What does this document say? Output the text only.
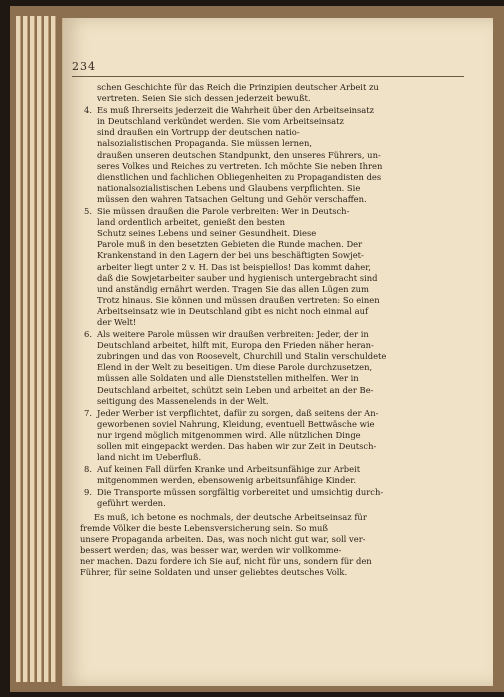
234
schen Geschichte für das Reich die Prinzipien deutscher Arbeit zu
vertreten. Seien Sie sich dessen jederzeit bewußt.
4. Es muß Ihrerseits jederzeit die Wahrheit über den Arbeitseinsatz
in Deutschland verkündet werden. Sie vom Arbeitseinsatz
sind draußen ein Vortrupp der deutschen natio-
nalsozialistischen Propaganda. Sie müssen lernen,
draußen unseren deutschen Standpunkt, den unseres Führers, un-
seres Volkes und Reiches zu vertreten. Ich möchte Sie neben Ihren
dienstlichen und fachlichen Obliegenheiten zu Propagandisten des
nationalsozialistischen Lebens und Glaubens verpflichten. Sie
müssen den wahren Tatsachen Geltung und Gehör verschaffen.
5. Sie müssen draußen die Parole verbreiten: Wer in Deutsch-
land ordentlich arbeitet, genießt den besten
Schutz seines Lebens und seiner Gesundheit. Diese
Parole muß in den besetzten Gebieten die Runde machen. Der
Krankenstand in den Lagern der bei uns beschäftigten Sowjet-
arbeiter liegt unter 2 v. H. Das ist beispiellos! Das kommt daher,
daß die Sowjetarbeiter sauber und hygienisch untergebracht sind
und anständig ernährt werden. Tragen Sie das allen Lügen zum
Trotz hinaus. Sie können und müssen draußen vertreten: So einen
Arbeitseinsatz wie in Deutschland gibt es nicht noch einmal auf
der Welt!
6. Als weitere Parole müssen wir draußen verbreiten: Jeder, der in
Deutschland arbeitet, hilft mit, Europa den Frieden näher heran-
zubringen und das von Roosevelt, Churchill und Stalin verschuldete
Elend in der Welt zu beseitigen. Um diese Parole durchzusetzen,
müssen alle Soldaten und alle Dienststellen mithelfen. Wer in
Deutschland arbeitet, schützt sein Leben und arbeitet an der Be-
seitigung des Massenelends in der Welt.
7. Jeder Werber ist verpflichtet, dafür zu sorgen, daß seitens der An-
geworbenen soviel Nahrung, Kleidung, eventuell Bettwäsche wie
nur irgend möglich mitgenommen wird. Alle nützlichen Dinge
sollen mit eingepackt werden. Das haben wir zur Zeit in Deutsch-
land nicht im Ueberfluß.
8. Auf keinen Fall dürfen Kranke und Arbeitsunfähige zur Arbeit
mitgenommen werden, ebensowenig arbeitsunfähige Kinder.
9. Die Transporte müssen sorgfältig vorbereitet und umsichtig durch-
geführt werden.
Es muß, ich betone es nochmals, der deutsche Arbeitseinsaz für
fremde Völker die beste Lebensversicherung sein. So muß
unsere Propaganda arbeiten. Das, was noch nicht gut war, soll ver-
bessert werden; das, was besser war, werden wir vollkomme-
ner machen. Dazu fordere ich Sie auf, nicht für uns, sondern für den
Führer, für seine Soldaten und unser geliebtes deutsches Volk.
